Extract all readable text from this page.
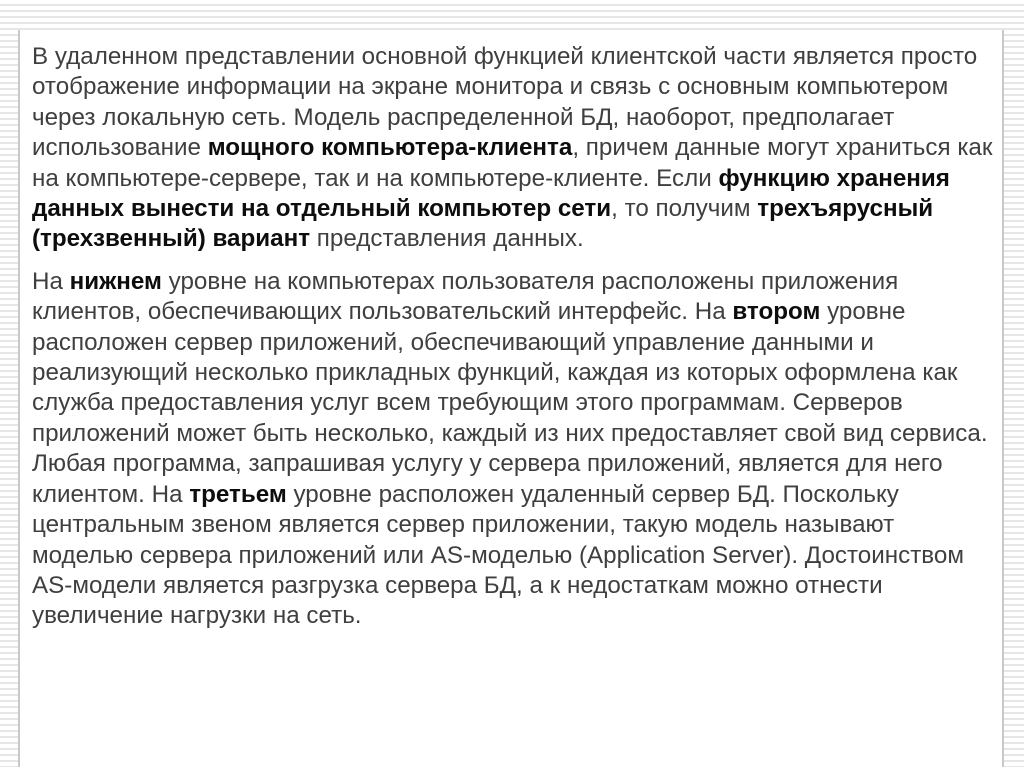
В удаленном представлении основной функцией клиентской части является просто отображение информации на экране монитора и связь с основным компьютером через локальную сеть. Модель распределенной БД, наоборот, предполагает использование мощного компьютера-клиента, причем данные могут храниться как на компьютере-сервере, так и на компьютере-клиенте. Если функцию хранения данных вынести на отдельный компьютер сети, то получим трехъярусный (трехзвенный) вариант представления данных.

На нижнем уровне на компьютерах пользователя расположены приложения клиентов, обеспечивающих пользовательский интерфейс. На втором уровне расположен сервер приложений, обеспечивающий управление данными и реализующий несколько прикладных функций, каждая из которых оформлена как служба предоставления услуг всем требующим этого программам. Серверов приложений может быть несколько, каждый из них предоставляет свой вид сервиса. Любая программа, запрашивая услугу у сервера приложений, является для него клиентом. На третьем уровне расположен удаленный сервер БД. Поскольку центральным звеном является сервер приложении, такую модель называют моделью сервера приложений или AS-моделью (Application Server). Достоинством AS-модели является разгрузка сервера БД, а к недостаткам можно отнести увеличение нагрузки на сеть.
